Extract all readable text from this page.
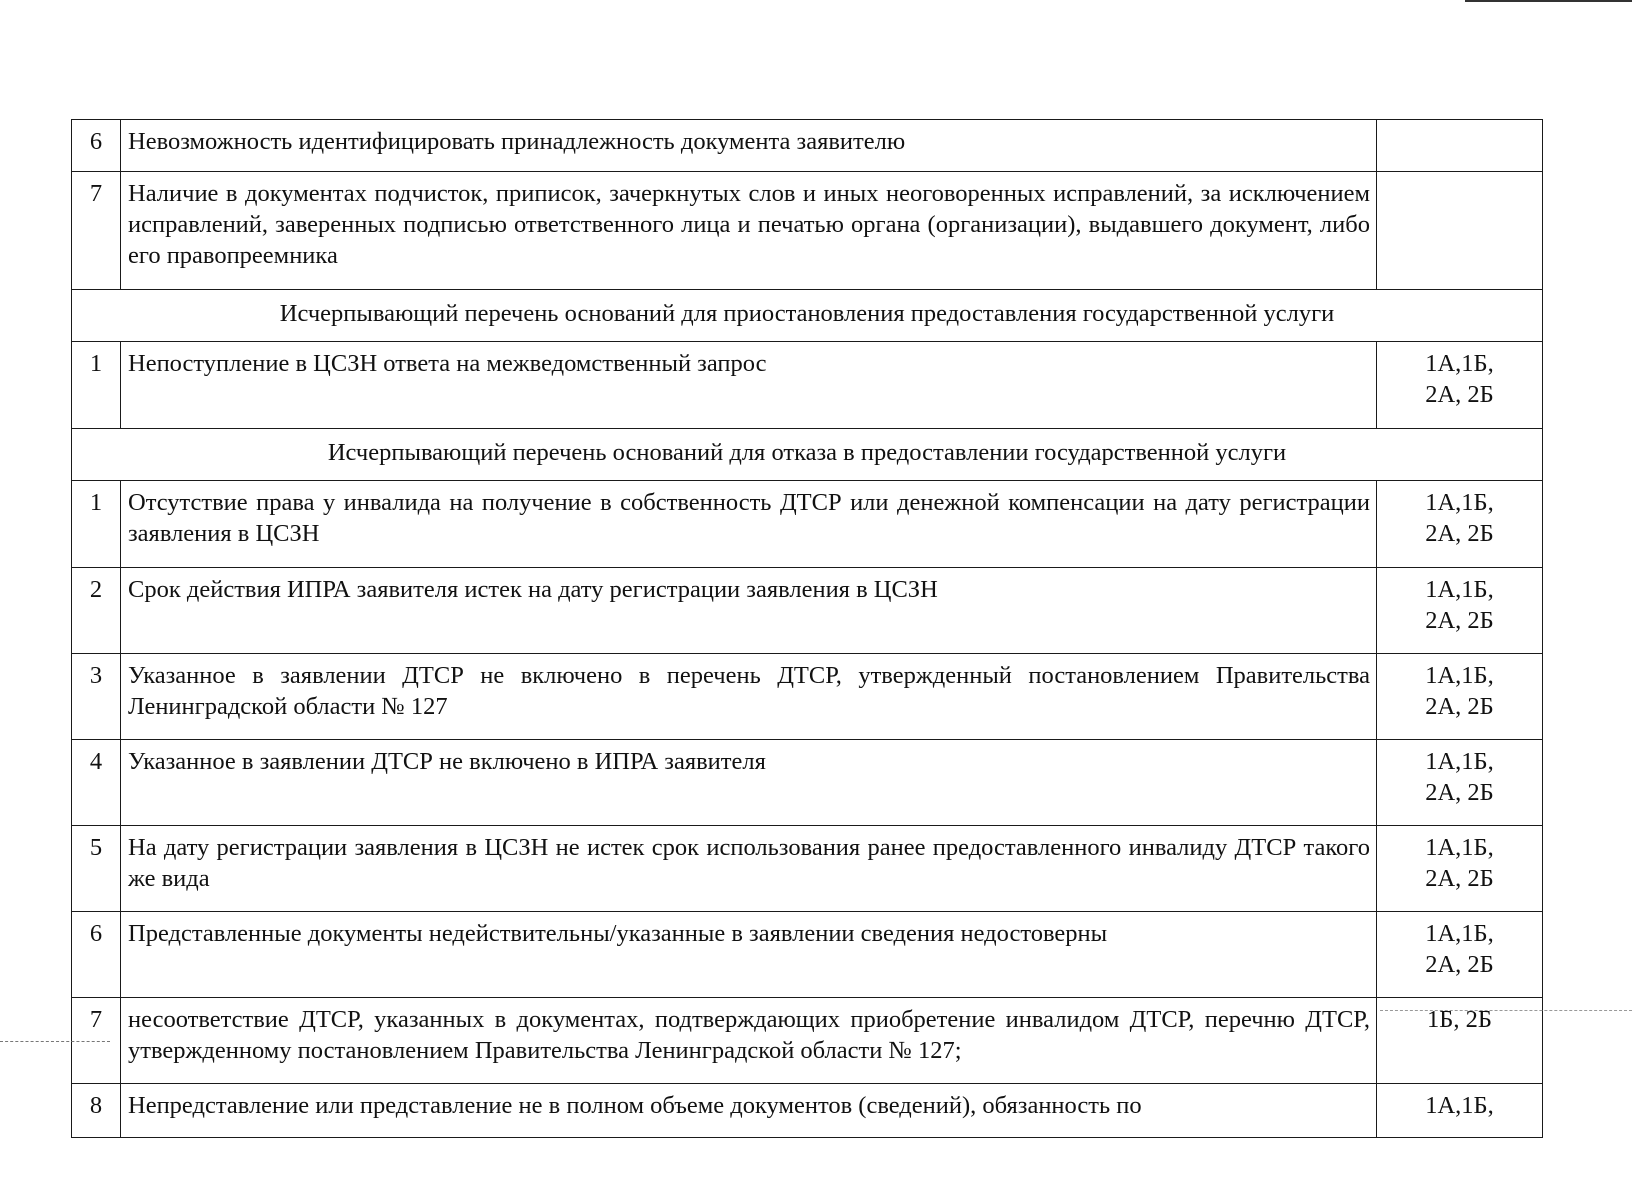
6	Невозможность идентифицировать принадлежность документа заявителю	
7	Наличие в документах подчисток, приписок, зачеркнутых слов и иных неоговоренных исправлений, за исключением исправлений, заверенных подписью ответственного лица и печатью органа (организации), выдавшего документ, либо его правопреемника	
Исчерпывающий перечень оснований для приостановления предоставления государственной услуги		
1	Непоступление в ЦСЗН ответа на межведомственный запрос	1А,1Б,
2А, 2Б

Исчерпывающий перечень оснований для отказа в предоставлении государственной услуги		
1	Отсутствие права у инвалида на получение в собственность ДТСР или денежной компенсации на дату регистрации заявления в ЦСЗН	1А,1Б,
2А, 2Б

2	Срок действия ИПРА заявителя истек на дату регистрации заявления в ЦСЗН	1А,1Б,
2А, 2Б

3	Указанное в заявлении ДТСР не включено в перечень ДТСР, утвержденный постановлением Правительства Ленинградской области № 127	1А,1Б,
2А, 2Б

4	Указанное в заявлении ДТСР не включено в ИПРА заявителя	1А,1Б,
2А, 2Б

5	На дату регистрации заявления в ЦСЗН не истек срок использования ранее предоставленного инвалиду ДТСР такого же вида	1А,1Б,
2А, 2Б

6	Представленные документы недействительны/указанные в заявлении сведения недостоверны	1А,1Б,
2А, 2Б

7	несоответствие ДТСР, указанных в документах, подтверждающих приобретение инвалидом ДТСР, перечню ДТСР, утвержденному постановлением Правительства Ленинградской области № 127;	1Б, 2Б

8	Непредставление или представление не в полном объеме документов (сведений), обязанность по	1А,1Б,
